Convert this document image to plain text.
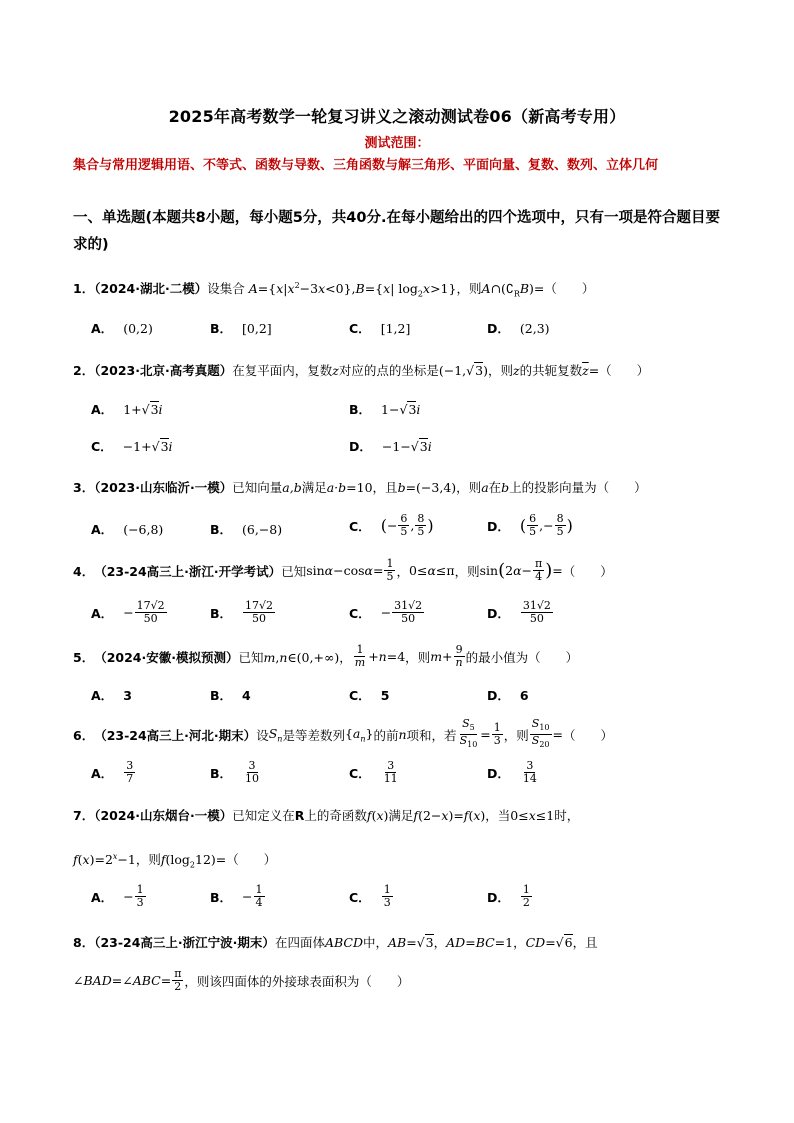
2025年高考数学一轮复习讲义之滚动测试卷06（新高考专用）
测试范围：
集合与常用逻辑用语、不等式、函数与导数、三角函数与解三角形、平面向量、复数、数列、立体几何
一、单选题(本题共8小题，每小题5分，共40分.在每小题给出的四个选项中，只有一项是符合题目要求的)
1．（2024·湖北·二模）设集合 $A=\{x|x^2-3x<0\},B=\{x|$ $\log_2x>1$}，则$A\cap(∁_RB)=$（　　）
A． (0,2)	B． [0,2]	C． [1,2]	D． (2,3)
2．（2023·北京·高考真题）在复平面内，复数z对应的点的坐标是(−1,√3)，则z的共轭复数$\overline{z}=$（　　）
A． 1+√3i	B． 1−√3i
C． −1+√3i	D． −1−√3i
3．（2023·山东临沂·一模）已知向量a,b满足a·b=10，且b=(−3,4)，则a在b上的投影向量为（　　）
A． (−6,8)	B． (6,−8)	C． ( − $\frac{6}{5}$ , $\frac{8}{5}$ )	D． ( $\frac{6}{5}$ ,− $\frac{8}{5}$ )
4． （23-24高三上·浙江·开学考试） 已知 $\sin\alpha-\cos\alpha= \frac{1}{5}$ ， 0≤α≤π ，则 sin ( $2\alpha- \frac{\pi}{4}$ ) = （　　）
A． − $\frac{17√2}{50}$	B． $\frac{17√2}{50}$	C． − $\frac{31√2}{50}$	D． $\frac{31√2}{50}$
5． （2024·安徽·模拟预测） 已知 m,n∈(0,+∞)， $\frac{1}{m} +n=4$ ，则 $m+ \frac{9}{n}$ 的最小值为（　　）
A． 3	B． 4	C． 5	D． 6
6． （23-24高三上·河北·期末） 设 $S_n$ 是等差数列 $\{a_n\}$ 的前 n 项和，若 $\frac{S_5}{S_{10}} = \frac{1}{3}$ ，则 $\frac{S_{10}}{S_{20}}$ = （　　）
A． $\frac{3}{7}$	B． $\frac{3}{10}$	C． $\frac{3}{11}$	D． $\frac{3}{14}$
7．（2024·山东烟台·一模）已知定义在R上的奇函数f(x)满足f(2−x)=f(x)，当0≤x≤1时，
$f(x)=2^x-1$，则$f(\log_212)=$（　　）
A． − $\frac{1}{3}$	B． − $\frac{1}{4}$	C． $\frac{1}{3}$	D． $\frac{1}{2}$
8．（23-24高三上·浙江宁波·期末）在四面体ABCD中，AB=√3，AD=BC=1，CD=√6，且
∠BAD=∠ABC= $\frac{\pi}{2}$ ，则该四面体的外接球表面积为（　　）
